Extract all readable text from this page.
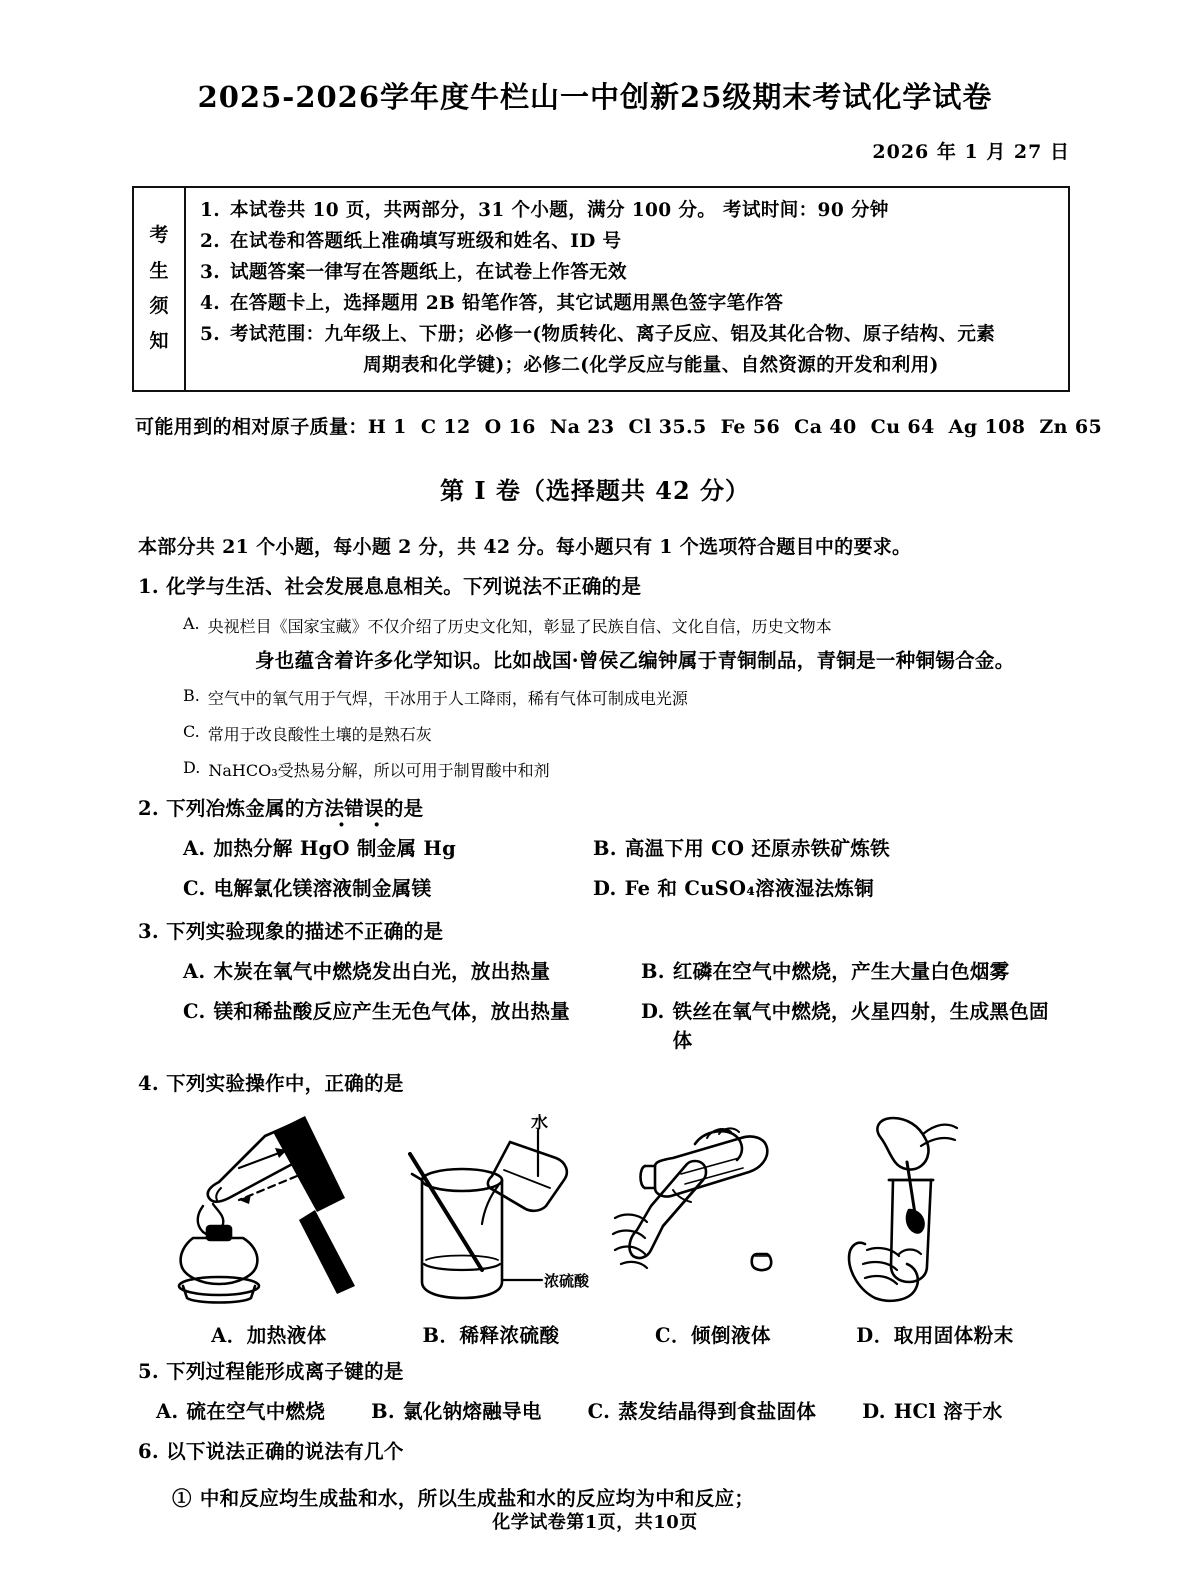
2025-2026学年度牛栏山一中创新25级期末考试化学试卷
2026 年 1 月 27 日
考
生
须
知
1. 本试卷共 10 页，共两部分，31 个小题，满分 100 分。 考试时间：90 分钟
2. 在试卷和答题纸上准确填写班级和姓名、ID 号
3. 试题答案一律写在答题纸上，在试卷上作答无效
4. 在答题卡上，选择题用 2B 铅笔作答，其它试题用黑色签字笔作答
5. 考试范围：九年级上、下册；必修一(物质转化、离子反应、铝及其化合物、原子结构、元素
周期表和化学键)；必修二(化学反应与能量、自然资源的开发和利用)
可能用到的相对原子质量：H 1 C 12 O 16 Na 23 Cl 35.5 Fe 56 Ca 40 Cu 64 Ag 108 Zn 65
第 I 卷（选择题共 42 分）
本部分共 21 个小题，每小题 2 分，共 42 分。每小题只有 1 个选项符合题目中的要求。
1. 化学与生活、社会发展息息相关。下列说法不正确的是
A. 央视栏目《国家宝藏》不仅介绍了历史文化知，彰显了民族自信、文化自信，历史文物本
身也蕴含着许多化学知识。比如战国·曾侯乙编钟属于青铜制品，青铜是一种铜锡合金。
B. 空气中的氧气用于气焊，干冰用于人工降雨，稀有气体可制成电光源
C. 常用于改良酸性土壤的是熟石灰
D. NaHCO₃受热易分解，所以可用于制胃酸中和剂
2. 下列冶炼金属的方法错误 · ·的是
A. 加热分解 HgO 制金属 Hg	B. 高温下用 CO 还原赤铁矿炼铁
C. 电解氯化镁溶液制金属镁	D. Fe 和 CuSO₄溶液湿法炼铜
3. 下列实验现象的描述不正确的是
A. 木炭在氧气中燃烧发出白光，放出热量	B. 红磷在空气中燃烧，产生大量白色烟雾
C. 镁和稀盐酸反应产生无色气体，放出热量	D. 铁丝在氧气中燃烧，火星四射，生成黑色固体
4. 下列实验操作中，正确的是
水
浓硫酸
A．加热液体	B．稀释浓硫酸	C．倾倒液体	D．取用固体粉末
5. 下列过程能形成离子键的是
A. 硫在空气中燃烧 B. 氯化钠熔融导电 C. 蒸发结晶得到食盐固体 D. HCl 溶于水
6. 以下说法正确的说法有几个
① 中和反应均生成盐和水，所以生成盐和水的反应均为中和反应；
化学试卷第1页，共10页
